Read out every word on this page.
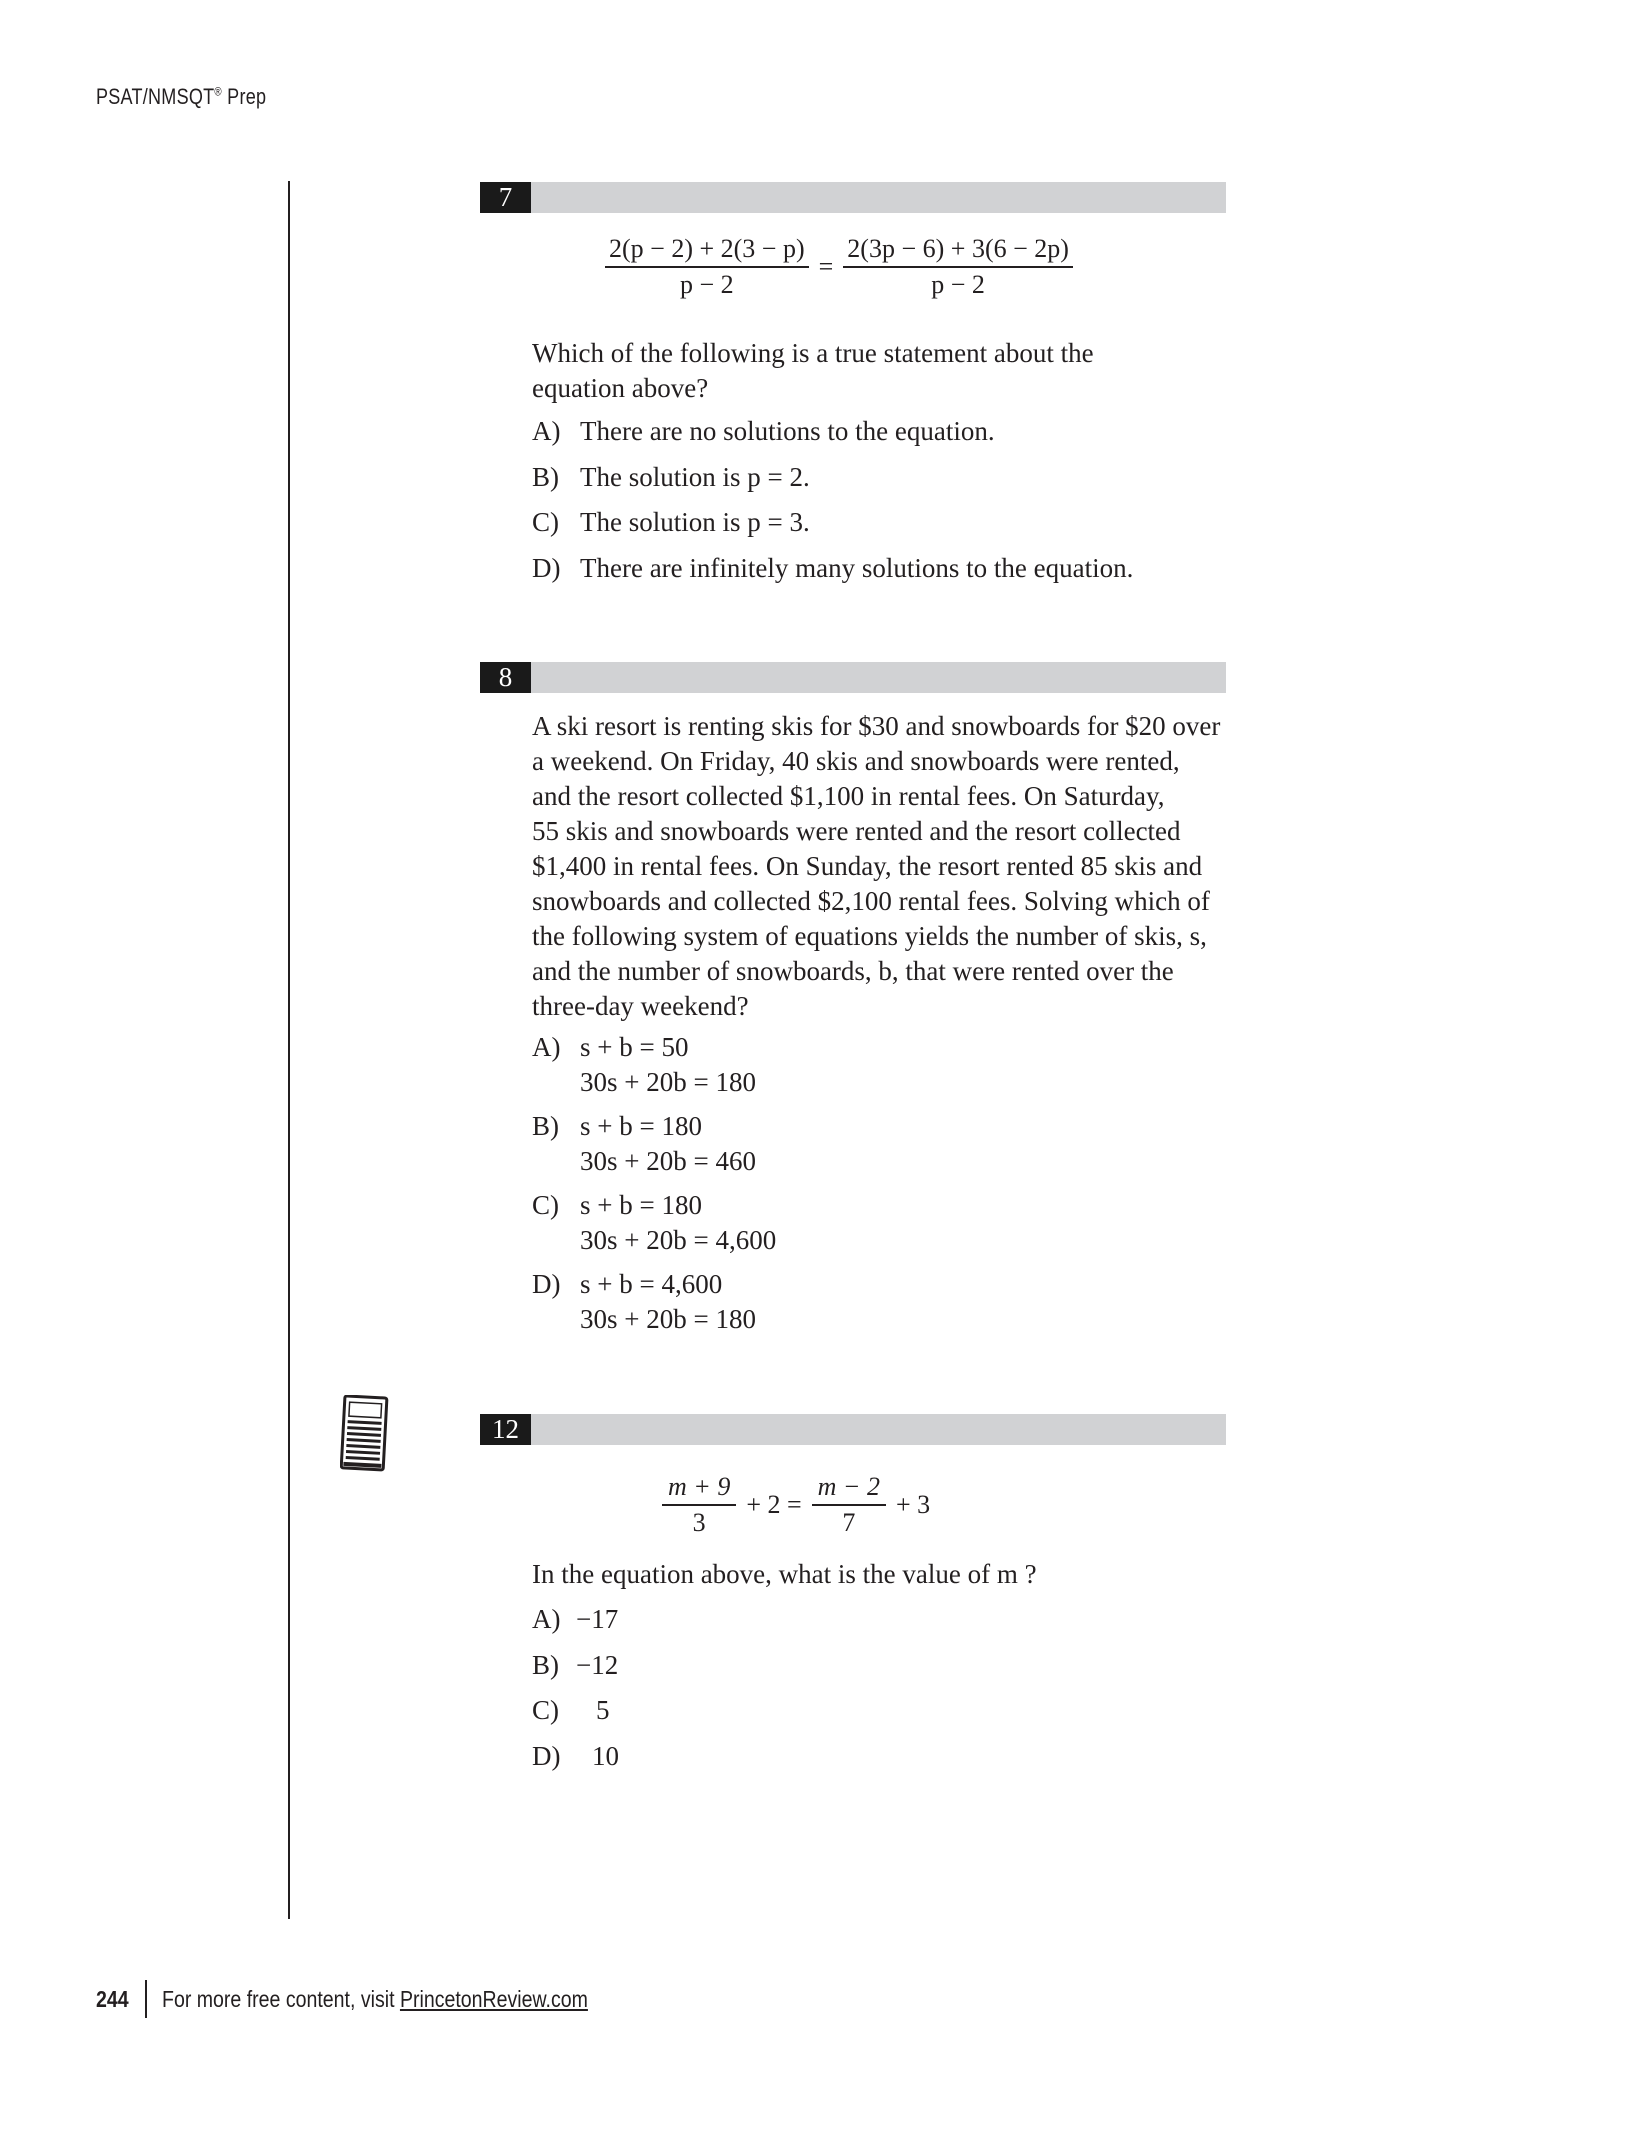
PSAT/NMSQT® Prep
7
$\frac{2(p - 2) + 2(3 - p)}{p - 2} = \frac{2(3p - 6) + 3(6 - 2p)}{p - 2}$
Which of the following is a true statement about the
equation above?
A) There are no solutions to the equation.
B) The solution is p = 2.
C) The solution is p = 3.
D) There are infinitely many solutions to the equation.
8
A ski resort is renting skis for $30 and snowboards for $20 over
a weekend. On Friday, 40 skis and snowboards were rented,
and the resort collected $1,100 in rental fees. On Saturday,
55 skis and snowboards were rented and the resort collected
$1,400 in rental fees. On Sunday, the resort rented 85 skis and
snowboards and collected $2,100 rental fees. Solving which of
the following system of equations yields the number of skis, s,
and the number of snowboards, b, that were rented over the
three-day weekend?
A) s + b = 50
30s + 20b = 180
B) s + b = 180
30s + 20b = 460
C) s + b = 180
30s + 20b = 4,600
D) s + b = 4,600
30s + 20b = 180
12
$\frac{m + 9}{3} + 2 = \frac{m - 2}{7} + 3$
In the equation above, what is the value of m ?
A) −17
B) −12
C) 5
D) 10
244 For more free content, visit PrincetonReview.com
